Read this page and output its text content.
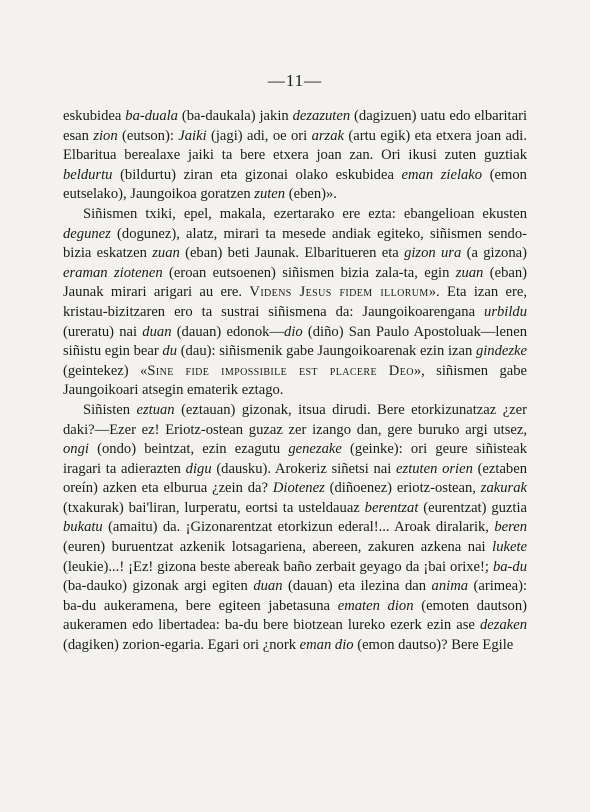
—11—

eskubidea ba-duala (ba-daukala) jakin dezazuten (dagizuen) uatu edo elbaritari esan zion (eutson): Jaiki (jagi) adi, oe ori arzak (artu egik) eta etxera joan adi. Elbaritua berealaxe jaiki ta bere etxera joan zan. Ori ikusi zuten guztiak beldurtu (bildurtu) ziran eta gizonai olako eskubidea eman zielako (emon eutselako), Jaungoikoa goratzen zuten (eben)».

Siñismen txiki, epel, makala, ezertarako ere ezta: ebangelioan ekusten degunez (dogunez), alatz, mirari ta mesede andiak egiteko, siñismen sendo-bizia eskatzen zuan (eban) beti Jaunak. Elbaritueren eta gizon ura (a gizona) eraman ziotenen (eroan eutsoenen) siñismen bizia zala-ta, egin zuan (eban) Jaunak mirari arigari au ere. Videns Jesus fidem illorum». Eta izan ere, kristau-bizitzaren ero ta sustrai siñismena da: Jaungoikoarengana urbildu (ureratu) nai duan (dauan) edonok—dio (diño) San Paulo Apostoluak—lenen siñistu egin bear du (dau): siñismenik gabe Jaungoikoarenak ezin izan gindezke (geintekez) «Sine fide impossibile est placere Deo», siñismen gabe Jaungoikoari atsegin ematerik eztago.

Siñisten eztuan (eztauan) gizonak, itsua dirudi. Bere etorkizunatzaz ¿zer daki?—Ezer ez! Eriotz-ostean guzaz zer izango dan, gere buruko argi utsez, ongi (ondo) beintzat, ezin ezagutu genezake (geinke): ori geure siñisteak iragari ta adierazten digu (dausku). Arokeriz siñetsi nai eztuten orien (eztaben oreín) azken eta elburua ¿zein da? Diotenez (diñoenez) eriotz-ostean, zakurak (txakurak) bai'liran, lurperatu, eortsi ta usteldauaz berentzat (eurentzat) guztia bukatu (amaitu) da. ¡Gizonarentzat etorkizun ederal!... Aroak diralarik, beren (euren) buruentzat azkenik lotsagariena, abereen, zakuren azkena nai lukete (leukie)...! ¡Ez! gizona beste abereak baño zerbait geyago da ¡bai orixe!; ba-du (ba-dauko) gizonak argi egiten duan (dauan) eta ilezina dan anima (arimea): ba-du aukeramena, bere egiteen jabetasuna ematen dion (emoten dautson) aukeramen edo libertadea: ba-du bere biotzean lureko ezerk ezin ase dezaken (dagiken) zorion-egaria. Egari ori ¿nork eman dio (emon dautso)? Bere Egile
